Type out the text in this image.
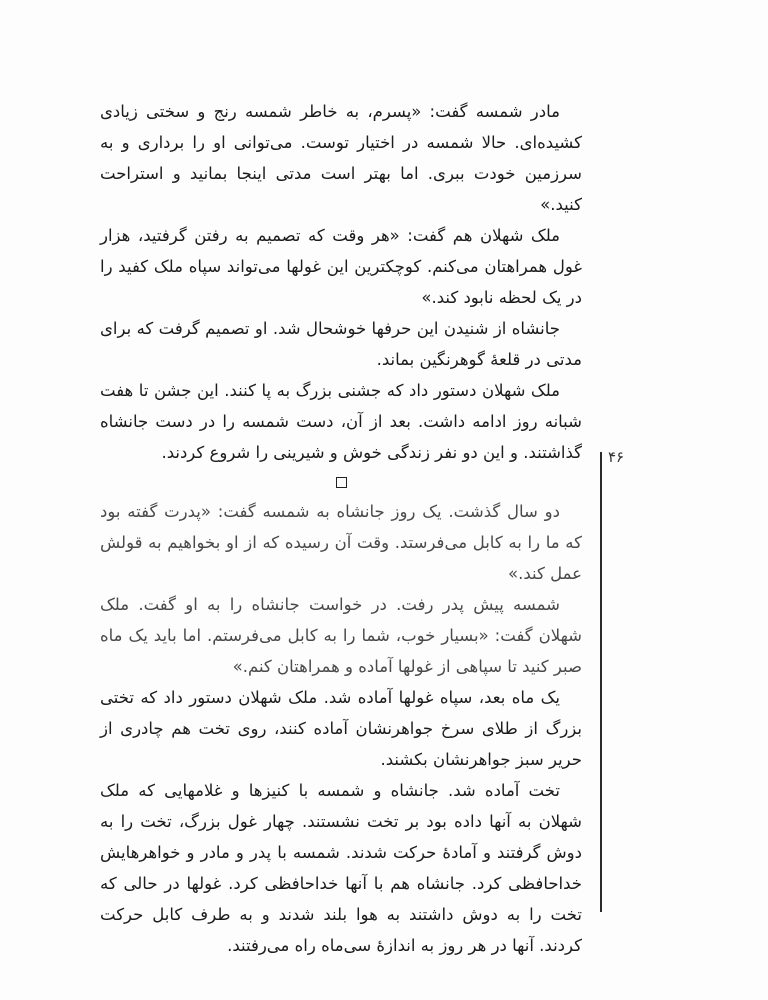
مادر شمسه گفت: «پسرم، به خاطر شمسه رنج و سختی زیادی کشیده‌ای. حالا شمسه در اختیار توست. می‌توانی او را برداری و به سرزمین خودت ببری. اما بهتر است مدتی اینجا بمانید و استراحت کنید.»

ملک شهلان هم گفت: «هر وقت که تصمیم به رفتن گرفتید، هزار غول همراهتان می‌کنم. کوچکترین این غولها می‌تواند سپاه ملک کفید را در یک لحظه نابود کند.»

جانشاه از شنیدن این حرفها خوشحال شد. او تصمیم گرفت که برای مدتی در قلعهٔ گوهرنگین بماند.

ملک شهلان دستور داد که جشنی بزرگ به پا کنند. این جشن تا هفت شبانه روز ادامه داشت. بعد از آن، دست شمسه را در دست جانشاه گذاشتند. و این دو نفر زندگی خوش و شیرینی را شروع کردند.

دو سال گذشت. یک روز جانشاه به شمسه گفت: «پدرت گفته بود که ما را به کابل می‌فرستد. وقت آن رسیده که از او بخواهیم به قولش عمل کند.»

شمسه پیش پدر رفت. در خواست جانشاه را به او گفت. ملک شهلان گفت: «بسیار خوب، شما را به کابل می‌فرستم. اما باید یک ماه صبر کنید تا سپاهی از غولها آماده و همراهتان کنم.»

یک ماه بعد، سپاه غولها آماده شد. ملک شهلان دستور داد که تختی بزرگ از طلای سرخ جواهرنشان آماده کنند، روی تخت هم چادری از حریر سبز جواهرنشان بکشند.

تخت آماده شد. جانشاه و شمسه با کنیزها و غلامهایی که ملک شهلان به آنها داده بود بر تخت نشستند. چهار غول بزرگ، تخت را به دوش گرفتند و آمادهٔ حرکت شدند. شمسه با پدر و مادر و خواهرهایش خداحافظی کرد. جانشاه هم با آنها خداحافظی کرد. غولها در حالی که تخت را به دوش داشتند به هوا بلند شدند و به طرف کابل حرکت کردند. آنها در هر روز به اندازهٔ سی‌ماه راه می‌رفتند.

۴۶
